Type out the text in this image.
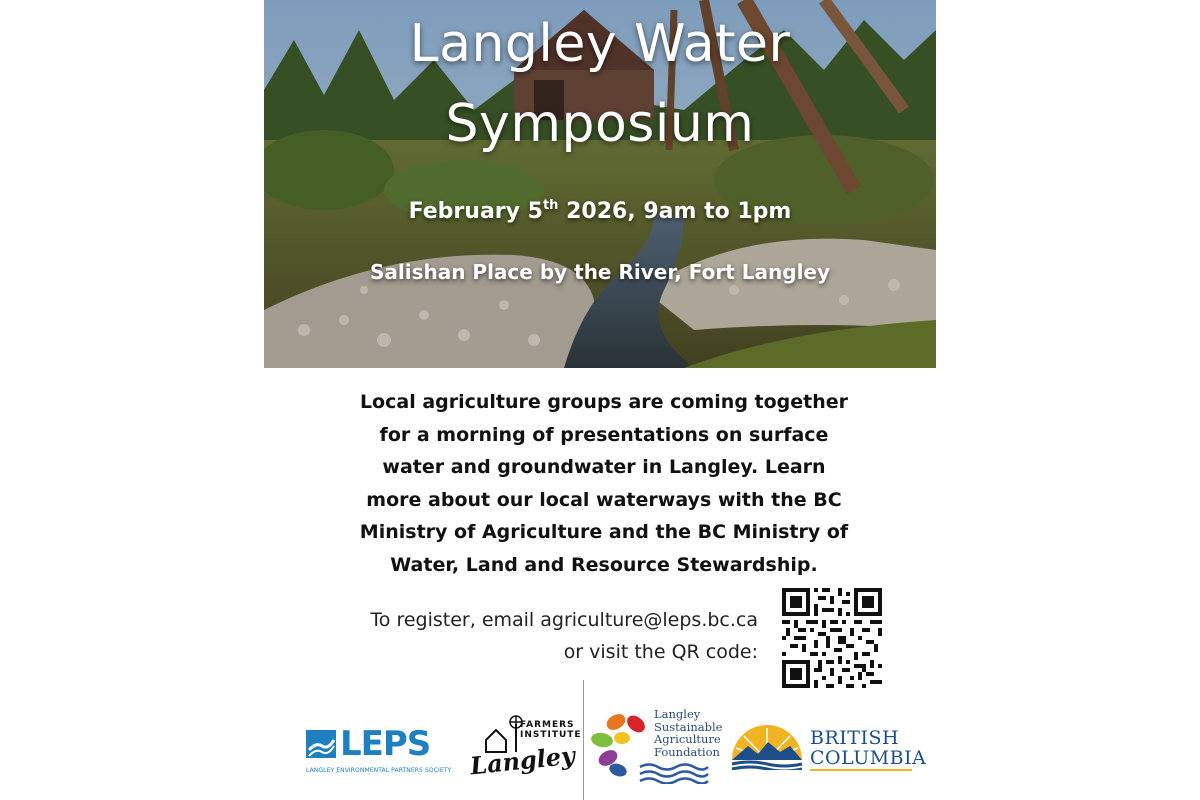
Langley Water
Symposium
February 5th 2026, 9am to 1pm
Salishan Place by the River, Fort Langley
Local agriculture groups are coming together
for a morning of presentations on surface
water and groundwater in Langley. Learn
more about our local waterways with the BC
Ministry of Agriculture and the BC Ministry of
Water, Land and Resource Stewardship.
To register, email agriculture@leps.bc.ca
or visit the QR code:
LEPS
LANGLEY ENVIRONMENTAL PARTNERS SOCIETY
FARMERS INSTITUTE
Langley
Langley
Sustainable
Agriculture
Foundation
BRITISH
COLUMBIA
